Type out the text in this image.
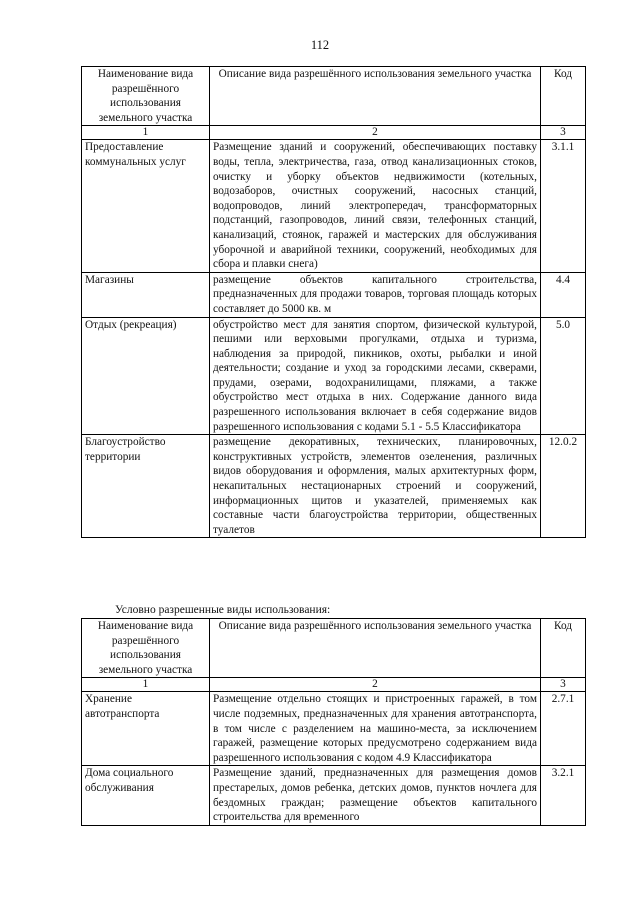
112
Наименование вида разрешённого использования земельного участка	Описание вида разрешённого использования земельного участка	Код
1	2	3
Предоставление коммунальных услуг	Размещение зданий и сооружений, обеспечивающих поставку воды, тепла, электричества, газа, отвод канализационных стоков, очистку и уборку объектов недвижимости (котельных, водозаборов, очистных сооружений, насосных станций, водопроводов, линий электропередач, трансформаторных подстанций, газопроводов, линий связи, телефонных станций, канализаций, стоянок, гаражей и мастерских для обслуживания уборочной и аварийной техники, сооружений, необходимых для сбора и плавки снега)	3.1.1
Магазины	размещение объектов капитального строительства, предназначенных для продажи товаров, торговая площадь которых составляет до 5000 кв. м	4.4
Отдых (рекреация)	обустройство мест для занятия спортом, физической культурой, пешими или верховыми прогулками, отдыха и туризма, наблюдения за природой, пикников, охоты, рыбалки и иной деятельности; создание и уход за городскими лесами, скверами, прудами, озерами, водохранилищами, пляжами, а также обустройство мест отдыха в них. Содержание данного вида разрешенного использования включает в себя содержание видов разрешенного использования с кодами 5.1 - 5.5 Классификатора	5.0
Благоустройство территории	размещение декоративных, технических, планировочных, конструктивных устройств, элементов озеленения, различных видов оборудования и оформления, малых архитектурных форм, некапитальных нестационарных строений и сооружений, информационных щитов и указателей, применяемых как составные части благоустройства территории, общественных туалетов	12.0.2
Условно разрешенные виды использования:
Наименование вида разрешённого использования земельного участка	Описание вида разрешённого использования земельного участка	Код
1	2	3
Хранение автотранспорта	Размещение отдельно стоящих и пристроенных гаражей, в том числе подземных, предназначенных для хранения автотранспорта, в том числе с разделением на машино-места, за исключением гаражей, размещение которых предусмотрено содержанием вида разрешенного использования с кодом 4.9 Классификатора	2.7.1
Дома социального обслуживания	Размещение зданий, предназначенных для размещения домов престарелых, домов ребенка, детских домов, пунктов ночлега для бездомных граждан; размещение объектов капитального строительства для временного	3.2.1
